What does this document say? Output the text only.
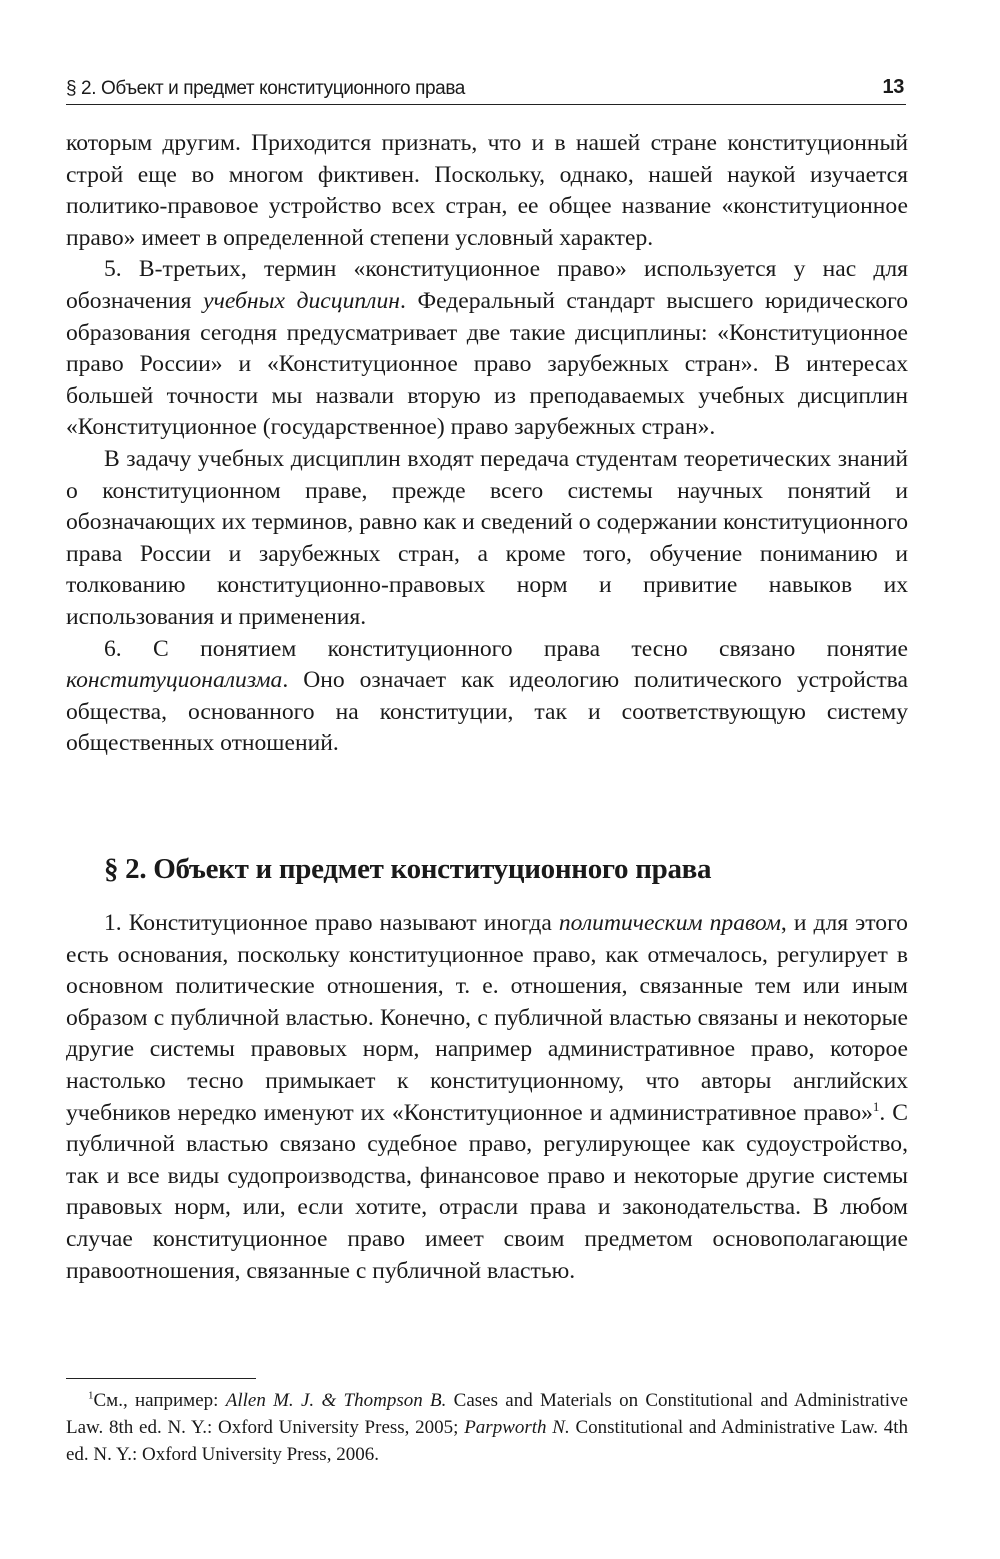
§ 2. Объект и предмет конституционного права	13

которым другим. Приходится признать, что и в нашей стране конституционный строй еще во многом фиктивен. Поскольку, однако, нашей наукой изучается политико-правовое устройство всех стран, ее общее название «конституционное право» имеет в определенной степени условный характер.

5. В-третьих, термин «конституционное право» используется у нас для обозначения учебных дисциплин. Федеральный стандарт высшего юридического образования сегодня предусматривает две такие дисциплины: «Конституционное право России» и «Конституционное право зарубежных стран». В интересах большей точности мы назвали вторую из преподаваемых учебных дисциплин «Конституционное (государственное) право зарубежных стран».

В задачу учебных дисциплин входят передача студентам теоретических знаний о конституционном праве, прежде всего системы научных понятий и обозначающих их терминов, равно как и сведений о содержании конституционного права России и зарубежных стран, а кроме того, обучение пониманию и толкованию конституционно-правовых норм и привитие навыков их использования и применения.

6. С понятием конституционного права тесно связано понятие конституционализма. Оно означает как идеологию политического устройства общества, основанного на конституции, так и соответствующую систему общественных отношений.

§ 2. Объект и предмет конституционного права

1. Конституционное право называют иногда политическим правом, и для этого есть основания, поскольку конституционное право, как отмечалось, регулирует в основном политические отношения, т. е. отношения, связанные тем или иным образом с публичной властью. Конечно, с публичной властью связаны и некоторые другие системы правовых норм, например административное право, которое настолько тесно примыкает к конституционному, что авторы английских учебников нередко именуют их «Конституционное и административное право»$^1$. С публичной властью связано судебное право, регулирующее как судоустройство, так и все виды судопроизводства, финансовое право и некоторые другие системы правовых норм, или, если хотите, отрасли права и законодательства. В любом случае конституционное право имеет своим предметом основополагающие правоотношения, связанные с публичной властью.

$^1$См., например: Allen M. J. & Thompson B. Cases and Materials on Constitutional and Administrative Law. 8th ed. N. Y.: Oxford University Press, 2005; Parpworth N. Constitutional and Administrative Law. 4th ed. N. Y.: Oxford University Press, 2006.
